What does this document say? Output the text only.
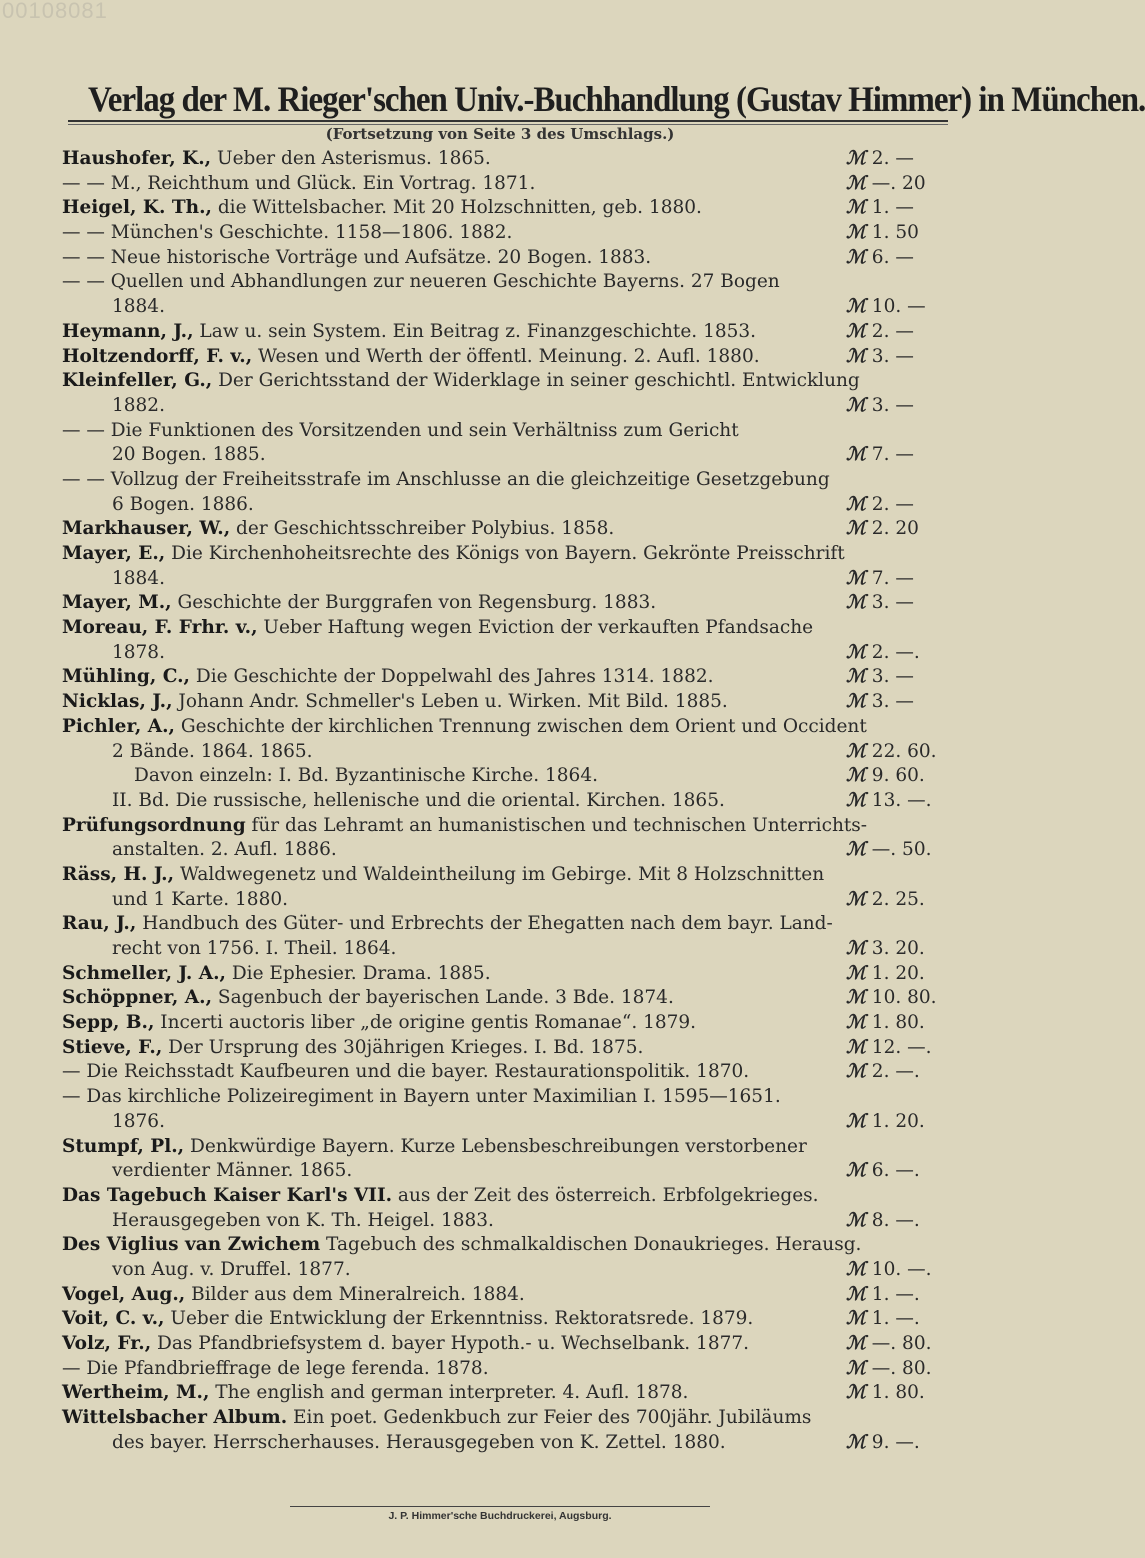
00108081
Verlag der M. Rieger'schen Univ.-Buchhandlung (Gustav Himmer) in München.
(Fortsetzung von Seite 3 des Umschlags.)
Haushofer, K., Ueber den Asterismus. 1865.	ℳ 2. —
— — M., Reichthum und Glück. Ein Vortrag. 1871.	ℳ —. 20
Heigel, K. Th., die Wittelsbacher. Mit 20 Holzschnitten, geb. 1880.	ℳ 1. —
— — München's Geschichte. 1158—1806. 1882.	ℳ 1. 50
— — Neue historische Vorträge und Aufsätze. 20 Bogen. 1883.	ℳ 6. —
— — Quellen und Abhandlungen zur neueren Geschichte Bayerns. 27 Bogen
1884.	ℳ 10. —
Heymann, J., Law u. sein System. Ein Beitrag z. Finanzgeschichte. 1853.	ℳ 2. —
Holtzendorff, F. v., Wesen und Werth der öffentl. Meinung. 2. Aufl. 1880.	ℳ 3. —
Kleinfeller, G., Der Gerichtsstand der Widerklage in seiner geschichtl. Entwicklung
1882.	ℳ 3. —
— — Die Funktionen des Vorsitzenden und sein Verhältniss zum Gericht
20 Bogen. 1885.	ℳ 7. —
— — Vollzug der Freiheitsstrafe im Anschlusse an die gleichzeitige Gesetzgebung
6 Bogen. 1886.	ℳ 2. —
Markhauser, W., der Geschichtsschreiber Polybius. 1858.	ℳ 2. 20
Mayer, E., Die Kirchenhoheitsrechte des Königs von Bayern. Gekrönte Preisschrift
1884.	ℳ 7. —
Mayer, M., Geschichte der Burggrafen von Regensburg. 1883.	ℳ 3. —
Moreau, F. Frhr. v., Ueber Haftung wegen Eviction der verkauften Pfandsache
1878.	ℳ 2. —.
Mühling, C., Die Geschichte der Doppelwahl des Jahres 1314. 1882.	ℳ 3. —
Nicklas, J., Johann Andr. Schmeller's Leben u. Wirken. Mit Bild. 1885.	ℳ 3. —
Pichler, A., Geschichte der kirchlichen Trennung zwischen dem Orient und Occident
2 Bände. 1864. 1865.	ℳ 22. 60.
Davon einzeln: I. Bd. Byzantinische Kirche. 1864.	ℳ 9. 60.
II. Bd. Die russische, hellenische und die oriental. Kirchen. 1865.	ℳ 13. —.
Prüfungsordnung für das Lehramt an humanistischen und technischen Unterrichts-
anstalten. 2. Aufl. 1886.	ℳ —. 50.
Räss, H. J., Waldwegenetz und Waldeintheilung im Gebirge. Mit 8 Holzschnitten
und 1 Karte. 1880.	ℳ 2. 25.
Rau, J., Handbuch des Güter- und Erbrechts der Ehegatten nach dem bayr. Land-
recht von 1756. I. Theil. 1864.	ℳ 3. 20.
Schmeller, J. A., Die Ephesier. Drama. 1885.	ℳ 1. 20.
Schöppner, A., Sagenbuch der bayerischen Lande. 3 Bde. 1874.	ℳ 10. 80.
Sepp, B., Incerti auctoris liber „de origine gentis Romanae“. 1879.	ℳ 1. 80.
Stieve, F., Der Ursprung des 30jährigen Krieges. I. Bd. 1875.	ℳ 12. —.
— Die Reichsstadt Kaufbeuren und die bayer. Restaurationspolitik. 1870.	ℳ 2. —.
— Das kirchliche Polizeiregiment in Bayern unter Maximilian I. 1595—1651.
1876.	ℳ 1. 20.
Stumpf, Pl., Denkwürdige Bayern. Kurze Lebensbeschreibungen verstorbener
verdienter Männer. 1865.	ℳ 6. —.
Das Tagebuch Kaiser Karl's VII. aus der Zeit des österreich. Erbfolgekrieges.
Herausgegeben von K. Th. Heigel. 1883.	ℳ 8. —.
Des Viglius van Zwichem Tagebuch des schmalkaldischen Donaukrieges. Herausg.
von Aug. v. Druffel. 1877.	ℳ 10. —.
Vogel, Aug., Bilder aus dem Mineralreich. 1884.	ℳ 1. —.
Voit, C. v., Ueber die Entwicklung der Erkenntniss. Rektoratsrede. 1879.	ℳ 1. —.
Volz, Fr., Das Pfandbriefsystem d. bayer Hypoth.- u. Wechselbank. 1877.	ℳ —. 80.
— Die Pfandbrieffrage de lege ferenda. 1878.	ℳ —. 80.
Wertheim, M., The english and german interpreter. 4. Aufl. 1878.	ℳ 1. 80.
Wittelsbacher Album. Ein poet. Gedenkbuch zur Feier des 700jähr. Jubiläums
des bayer. Herrscherhauses. Herausgegeben von K. Zettel. 1880.	ℳ 9. —.
J. P. Himmer'sche Buchdruckerei, Augsburg.
